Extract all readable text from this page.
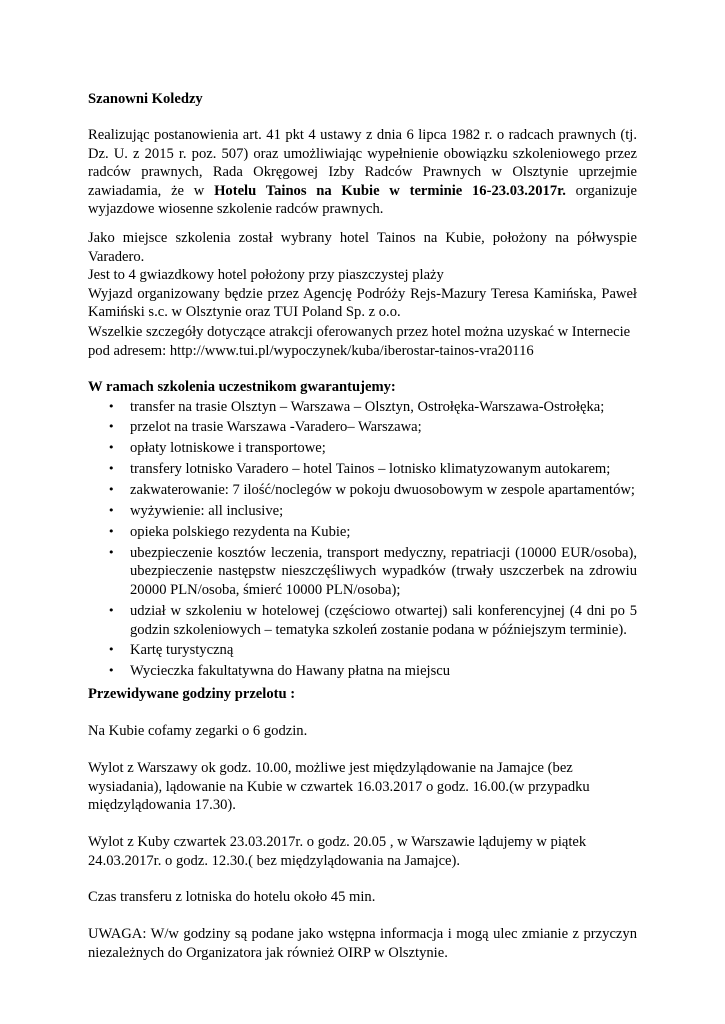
Szanowni Koledzy

Realizując postanowienia art. 41 pkt 4 ustawy z dnia 6 lipca 1982 r. o radcach prawnych (tj. Dz. U. z 2015 r. poz. 507) oraz umożliwiając wypełnienie obowiązku szkoleniowego przez radców prawnych, Rada Okręgowej Izby Radców Prawnych w Olsztynie uprzejmie zawiadamia, że w Hotelu Tainos na Kubie w terminie 16-23.03.2017r. organizuje wyjazdowe wiosenne szkolenie radców prawnych.

Jako miejsce szkolenia został wybrany hotel Tainos na Kubie, położony na półwyspie Varadero.

Jest to 4 gwiazdkowy hotel położony przy piaszczystej plaży

Wyjazd organizowany będzie przez Agencję Podróży Rejs-Mazury Teresa Kamińska, Paweł Kamiński s.c. w Olsztynie oraz TUI Poland Sp. z o.o.

Wszelkie szczegóły dotyczące atrakcji oferowanych przez hotel można uzyskać w Internecie pod adresem: http://www.tui.pl/wypoczynek/kuba/iberostar-tainos-vra20116

W ramach szkolenia uczestnikom gwarantujemy:

• transfer na trasie Olsztyn – Warszawa – Olsztyn, Ostrołęka-Warszawa-Ostrołęka;
• przelot na trasie Warszawa -Varadero– Warszawa;
• opłaty lotniskowe i transportowe;
• transfery lotnisko Varadero – hotel Tainos – lotnisko klimatyzowanym autokarem;
• zakwaterowanie: 7 ilość/noclegów w pokoju dwuosobowym w zespole apartamentów;
• wyżywienie: all inclusive;
• opieka polskiego rezydenta na Kubie;
• ubezpieczenie kosztów leczenia, transport medyczny, repatriacji (10000 EUR/osoba), ubezpieczenie następstw nieszczęśliwych wypadków (trwały uszczerbek na zdrowiu 20000 PLN/osoba, śmierć 10000 PLN/osoba);
• udział w szkoleniu w hotelowej (częściowo otwartej) sali konferencyjnej (4 dni po 5 godzin szkoleniowych – tematyka szkoleń zostanie podana w późniejszym terminie).
• Kartę turystyczną
• Wycieczka fakultatywna do Hawany płatna na miejscu

Przewidywane godziny przelotu :

Na Kubie cofamy zegarki o 6 godzin.

Wylot z Warszawy ok godz. 10.00, możliwe jest międzylądowanie na Jamajce (bez

wysiadania), lądowanie na Kubie w czwartek 16.03.2017 o godz. 16.00.(w przypadku

międzylądowania 17.30).

Wylot z Kuby czwartek 23.03.2017r. o godz. 20.05 , w Warszawie lądujemy w piątek

24.03.2017r. o godz. 12.30.( bez międzylądowania na Jamajce).

Czas transferu z lotniska do hotelu około 45 min.

UWAGA: W/w godziny są podane jako wstępna informacja i mogą ulec zmianie z przyczyn niezależnych do Organizatora jak również OIRP w Olsztynie.
